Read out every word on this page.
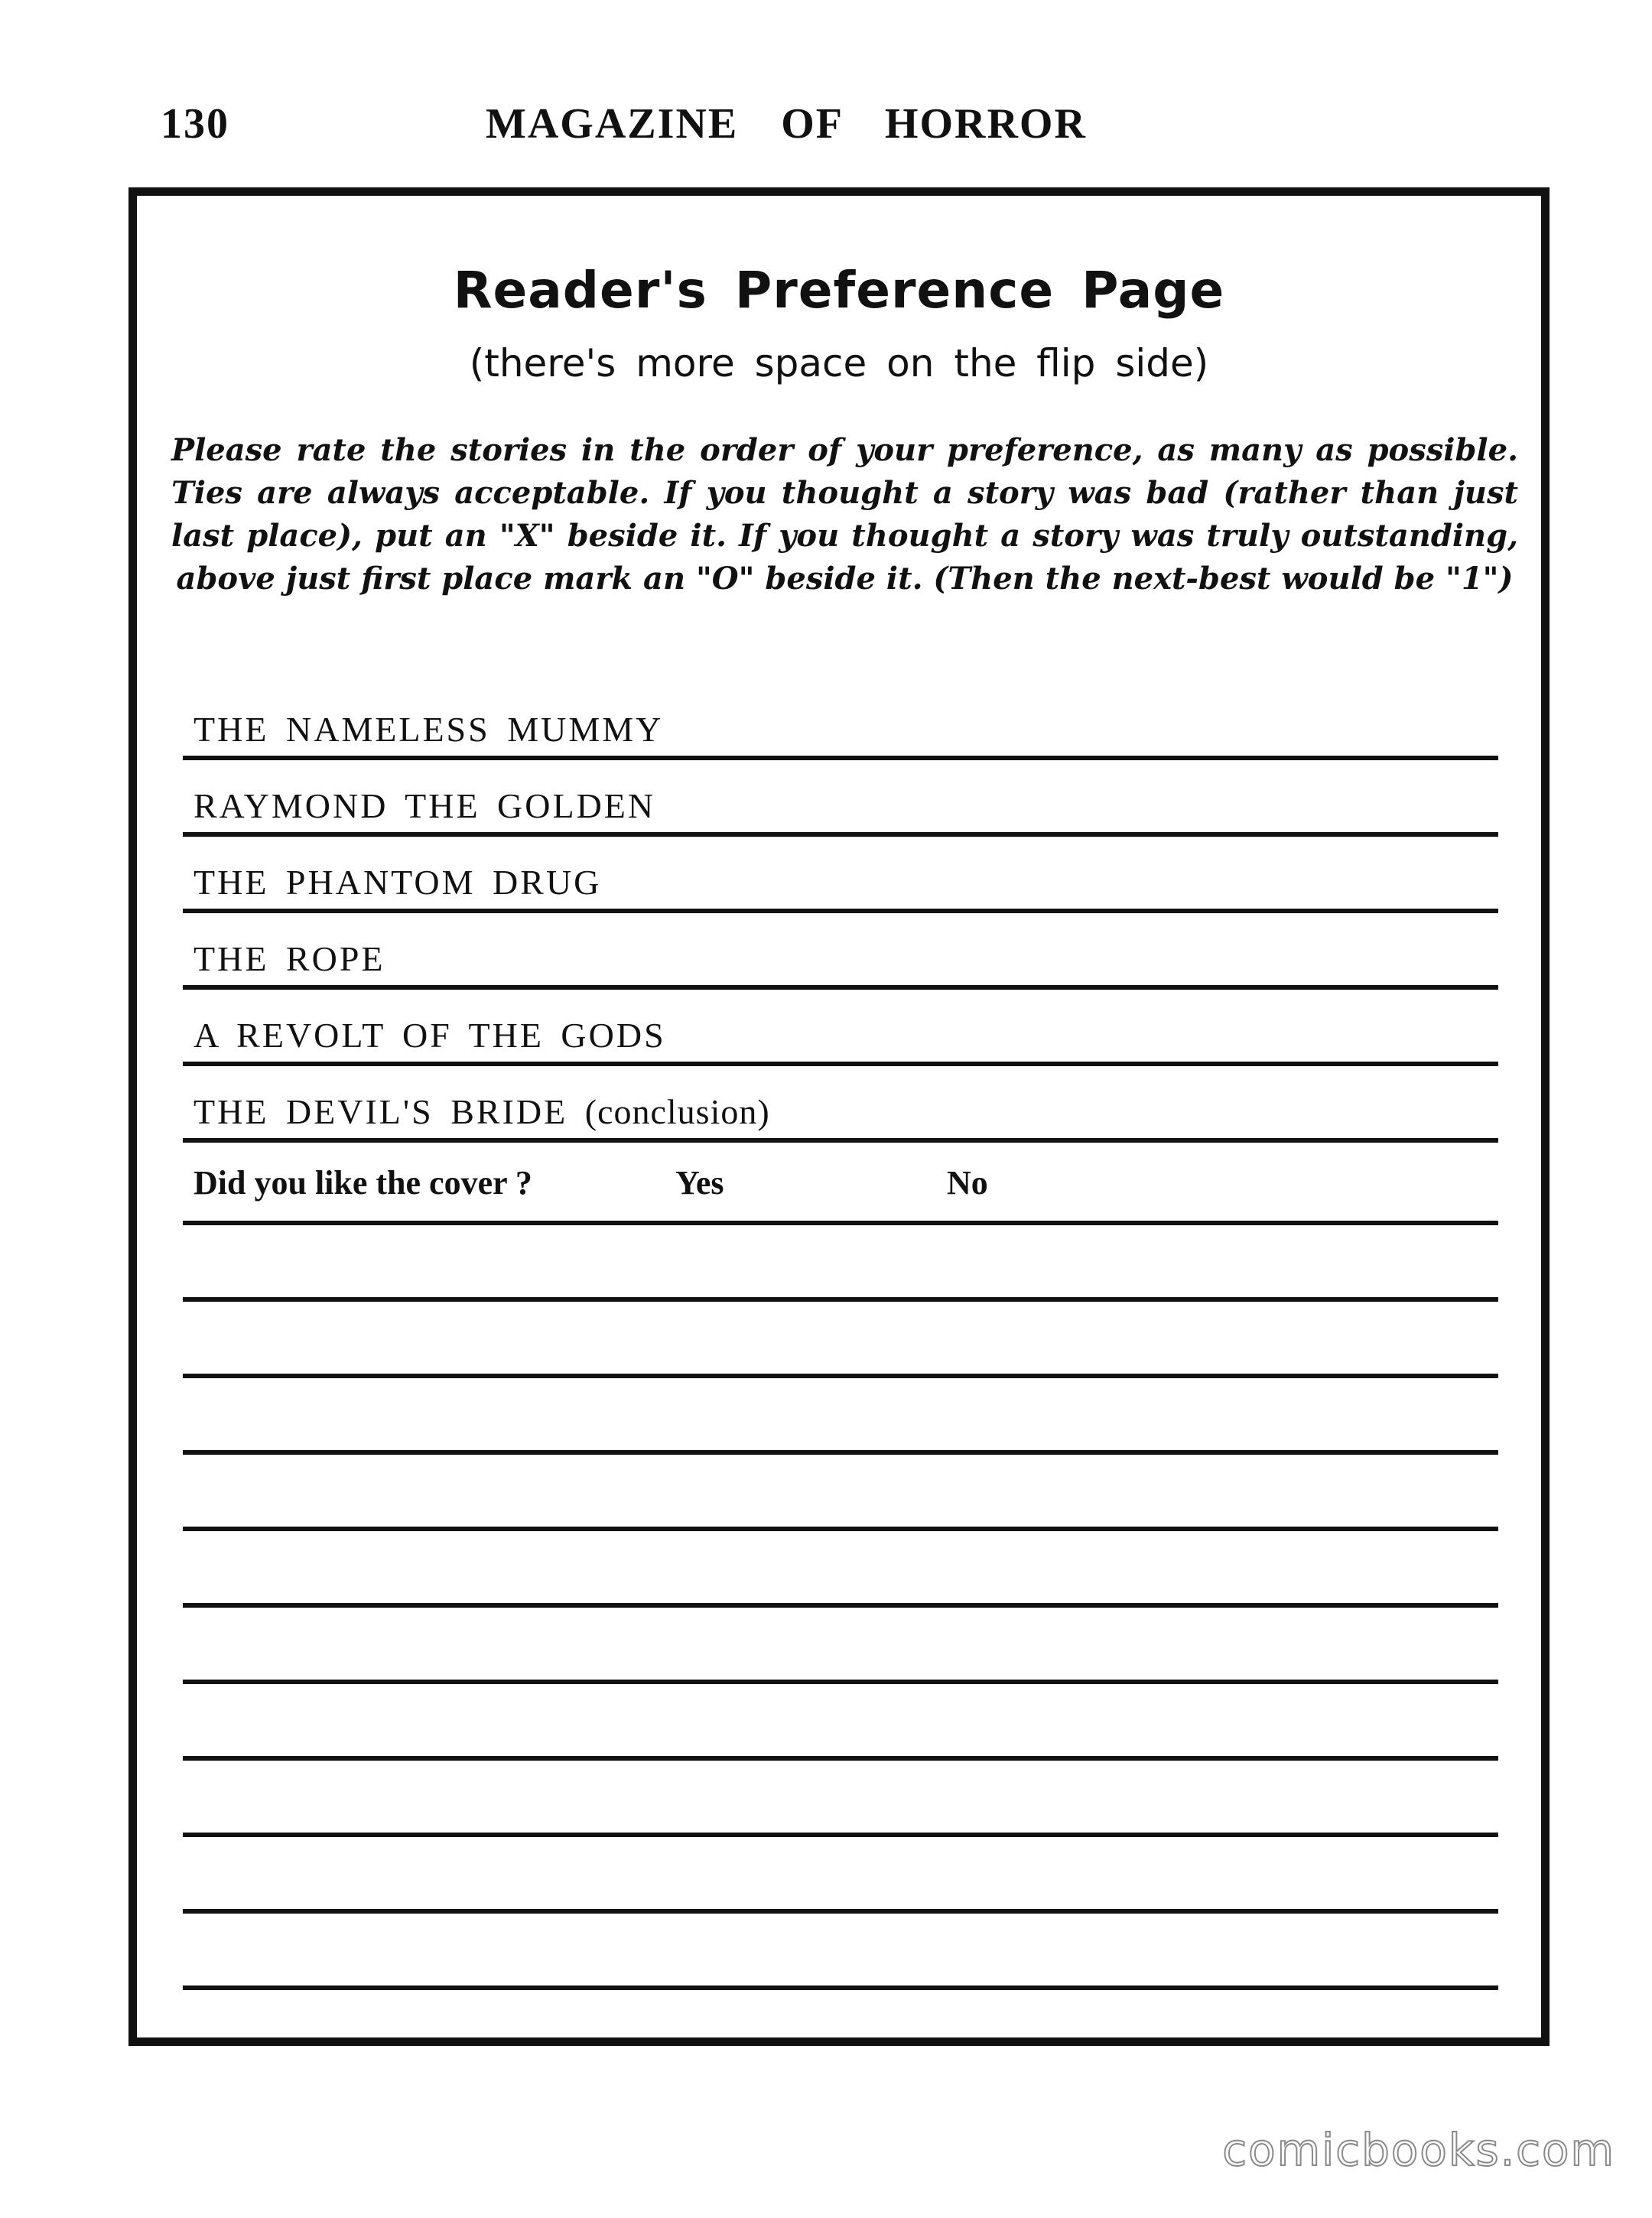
130	MAGAZINE OF HORROR
Reader's Preference Page
(there's more space on the flip side)
Please rate the stories in the order of your preference, as many as possible. Ties are always acceptable. If you thought a story was bad (rather than just last place), put an "X" beside it. If you thought a story was truly outstanding, above just first place mark an "O" beside it. (Then the next-best would be "1")
THE NAMELESS MUMMY
RAYMOND THE GOLDEN
THE PHANTOM DRUG
THE ROPE
A REVOLT OF THE GODS
THE DEVIL'S BRIDE (conclusion)
Did you like the cover ?	Yes	No
comicbooks.com
